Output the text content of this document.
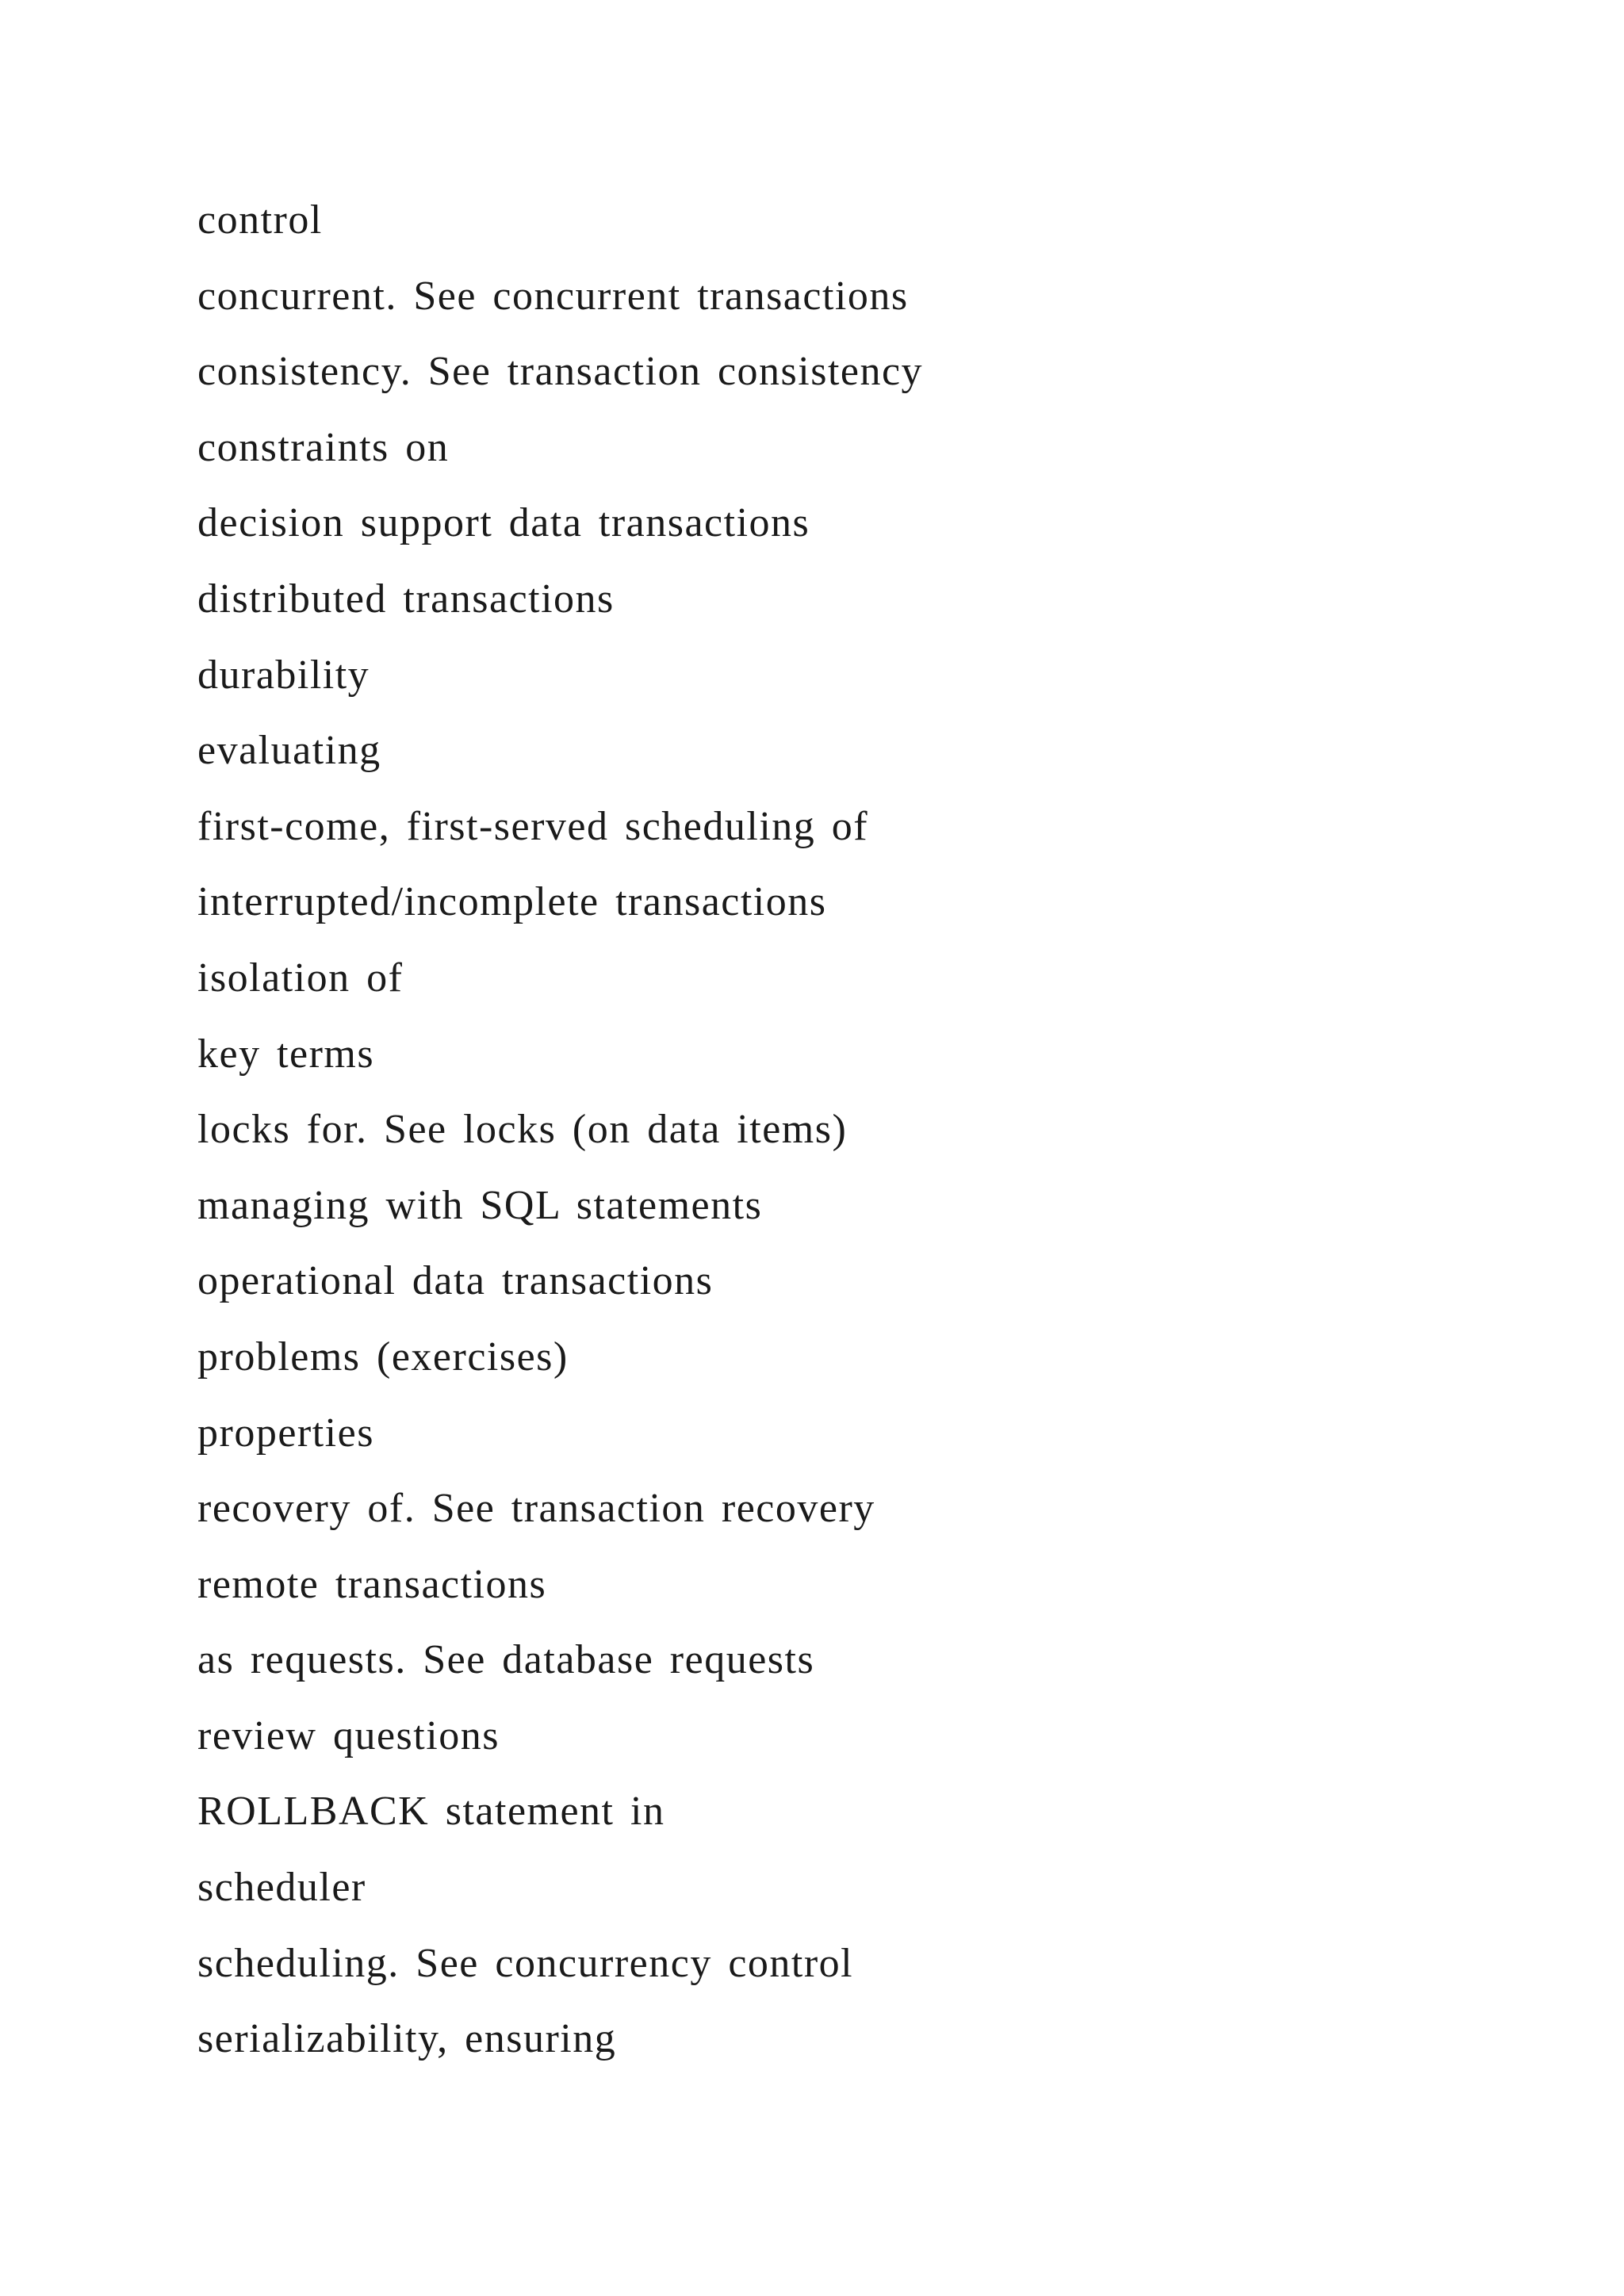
control
concurrent. See concurrent transactions
consistency. See transaction consistency
constraints on
decision support data transactions
distributed transactions
durability
evaluating
first-come, first-served scheduling of
interrupted/incomplete transactions
isolation of
key terms
locks for. See locks (on data items)
managing with SQL statements
operational data transactions
problems (exercises)
properties
recovery of. See transaction recovery
remote transactions
as requests. See database requests
review questions
ROLLBACK statement in
scheduler
scheduling. See concurrency control
serializability, ensuring
